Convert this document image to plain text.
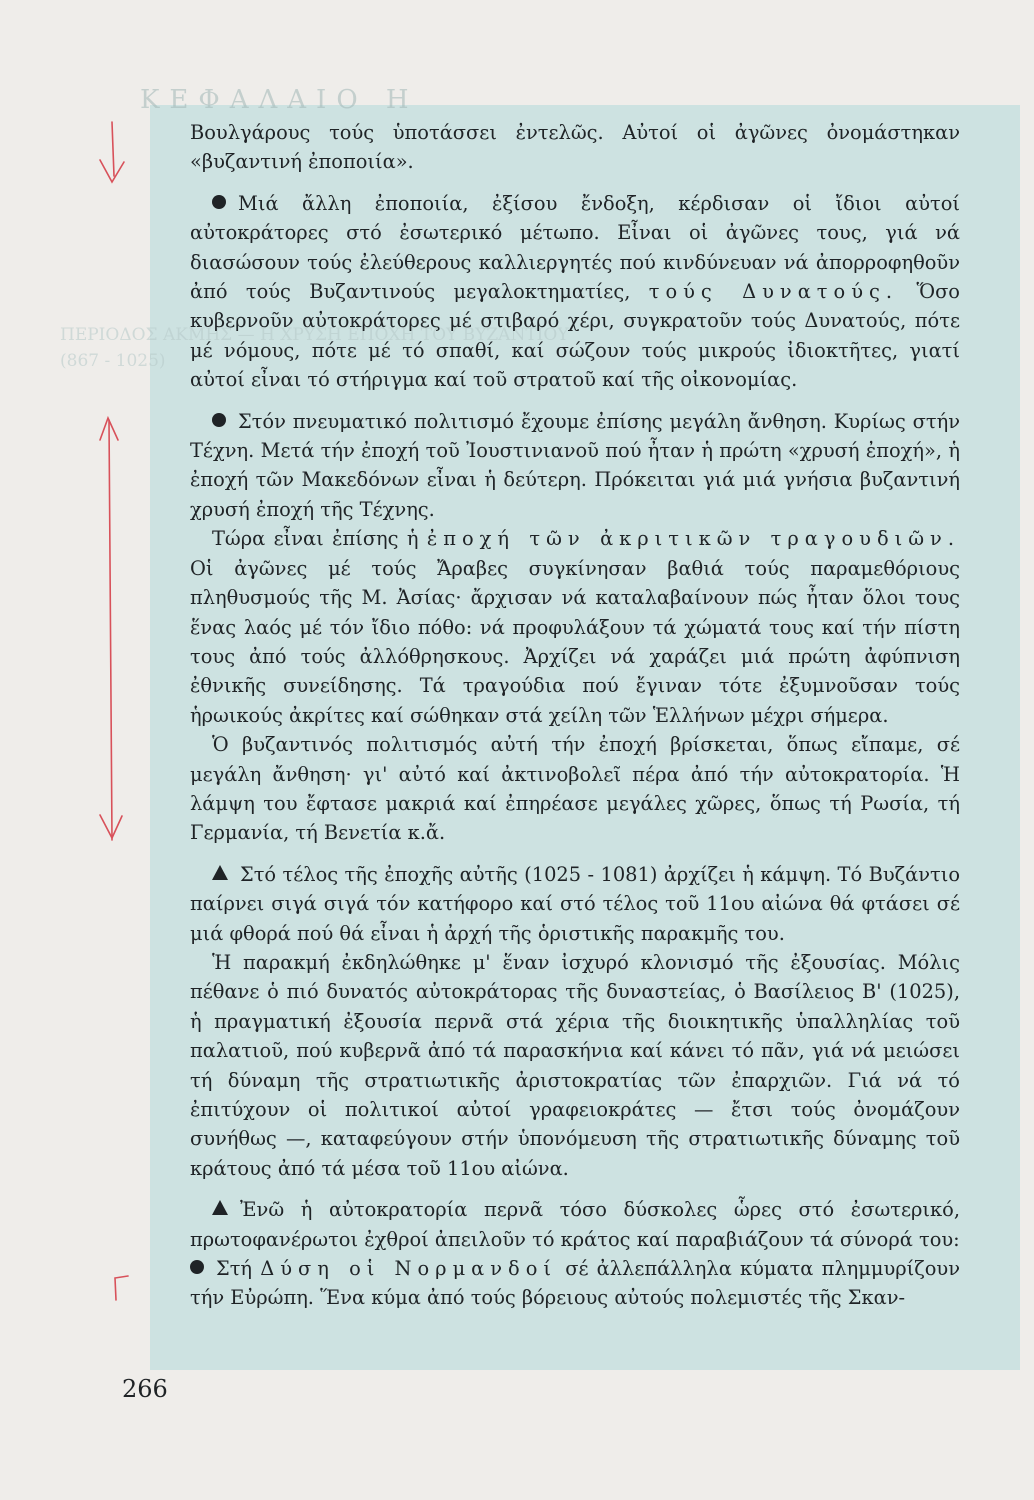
ΚΕΦΑΛΑΙΟ Η
ΠΕΡΙΟΔΟΣ ΑΚΜΗΣ — Η ΧΡΥΣΗ ΕΠΟΧΗ ΤΟΥ ΒΥΖΑΝΤΙΟΥ
(867 - 1025)

Βουλγάρους τούς ὑποτάσσει ἐντελῶς. Αὐτοί οἱ ἀγῶνες ὀνομάστηκαν «βυζαντινή ἐποποιία».

Μιά ἄλλη ἐποποιία, ἐξίσου ἔνδοξη, κέρδισαν οἱ ἴδιοι αὐτοί αὐτοκράτορες στό ἐσωτερικό μέτωπο. Εἶναι οἱ ἀγῶνες τους, γιά νά διασώσουν τούς ἐλεύθερους καλλιεργητές πού κινδύνευαν νά ἀπορροφηθοῦν ἀπό τούς Βυζαντινούς μεγαλοκτηματίες, τούς Δυνατούς. Ὅσο κυβερνοῦν αὐτοκράτορες μέ στιβαρό χέρι, συγκρατοῦν τούς Δυνατούς, πότε μέ νόμους, πότε μέ τό σπαθί, καί σώζουν τούς μικρούς ἰδιοκτῆτες, γιατί αὐτοί εἶναι τό στήριγμα καί τοῦ στρατοῦ καί τῆς οἰκονομίας.

Στόν πνευματικό πολιτισμό ἔχουμε ἐπίσης μεγάλη ἄνθηση. Κυρίως στήν Τέχνη. Μετά τήν ἐποχή τοῦ Ἰουστινιανοῦ πού ἦταν ἡ πρώτη «χρυσή ἐποχή», ἡ ἐποχή τῶν Μακεδόνων εἶναι ἡ δεύτερη. Πρόκειται γιά μιά γνήσια βυζαντινή χρυσή ἐποχή τῆς Τέχνης.

Τώρα εἶναι ἐπίσης ἡ ἐποχή τῶν ἀκριτικῶν τραγουδιῶν. Οἱ ἀγῶνες μέ τούς Ἄραβες συγκίνησαν βαθιά τούς παραμεθόριους πληθυσμούς τῆς Μ. Ἀσίας· ἄρχισαν νά καταλαβαίνουν πώς ἦταν ὅλοι τους ἕνας λαός μέ τόν ἴδιο πόθο: νά προφυλάξουν τά χώματά τους καί τήν πίστη τους ἀπό τούς ἀλλόθρησκους. Ἀρχίζει νά χαράζει μιά πρώτη ἀφύπνιση ἐθνικῆς συνείδησης. Τά τραγούδια πού ἔγιναν τότε ἐξυμνοῦσαν τούς ἡρωικούς ἀκρίτες καί σώθηκαν στά χείλη τῶν Ἑλλήνων μέχρι σήμερα.

Ὁ βυζαντινός πολιτισμός αὐτή τήν ἐποχή βρίσκεται, ὅπως εἴπαμε, σέ μεγάλη ἄνθηση· γι' αὐτό καί ἀκτινοβολεῖ πέρα ἀπό τήν αὐτοκρατορία. Ἡ λάμψη του ἔφτασε μακριά καί ἐπηρέασε μεγάλες χῶρες, ὅπως τή Ρωσία, τή Γερμανία, τή Βενετία κ.ἄ.

Στό τέλος τῆς ἐποχῆς αὐτῆς (1025 - 1081) ἀρχίζει ἡ κάμψη. Τό Βυζάντιο παίρνει σιγά σιγά τόν κατήφορο καί στό τέλος τοῦ 11ου αἰώνα θά φτάσει σέ μιά φθορά πού θά εἶναι ἡ ἀρχή τῆς ὁριστικῆς παρακμῆς του.

Ἡ παρακμή ἐκδηλώθηκε μ' ἕναν ἰσχυρό κλονισμό τῆς ἐξουσίας. Μόλις πέθανε ὁ πιό δυνατός αὐτοκράτορας τῆς δυναστείας, ὁ Βασίλειος Β' (1025), ἡ πραγματική ἐξουσία περνᾶ στά χέρια τῆς διοικητικῆς ὑπαλληλίας τοῦ παλατιοῦ, πού κυβερνᾶ ἀπό τά παρασκήνια καί κάνει τό πᾶν, γιά νά μειώσει τή δύναμη τῆς στρατιωτικῆς ἀριστοκρατίας τῶν ἐπαρχιῶν. Γιά νά τό ἐπιτύχουν οἱ πολιτικοί αὐτοί γραφειοκράτες — ἔτσι τούς ὀνομάζουν συνήθως —, καταφεύγουν στήν ὑπονόμευση τῆς στρατιωτικῆς δύναμης τοῦ κράτους ἀπό τά μέσα τοῦ 11ου αἰώνα.

Ἐνῶ ἡ αὐτοκρατορία περνᾶ τόσο δύσκολες ὧρες στό ἐσωτερικό, πρωτοφανέρωτοι ἐχθροί ἀπειλοῦν τό κράτος καί παραβιάζουν τά σύνορά του:

Στή Δύση οἱ Νορμανδοί σέ ἀλλεπάλληλα κύματα πλημμυρίζουν τήν Εὐρώπη. Ἕνα κύμα ἀπό τούς βόρειους αὐτούς πολεμιστές τῆς Σκαν-

266
